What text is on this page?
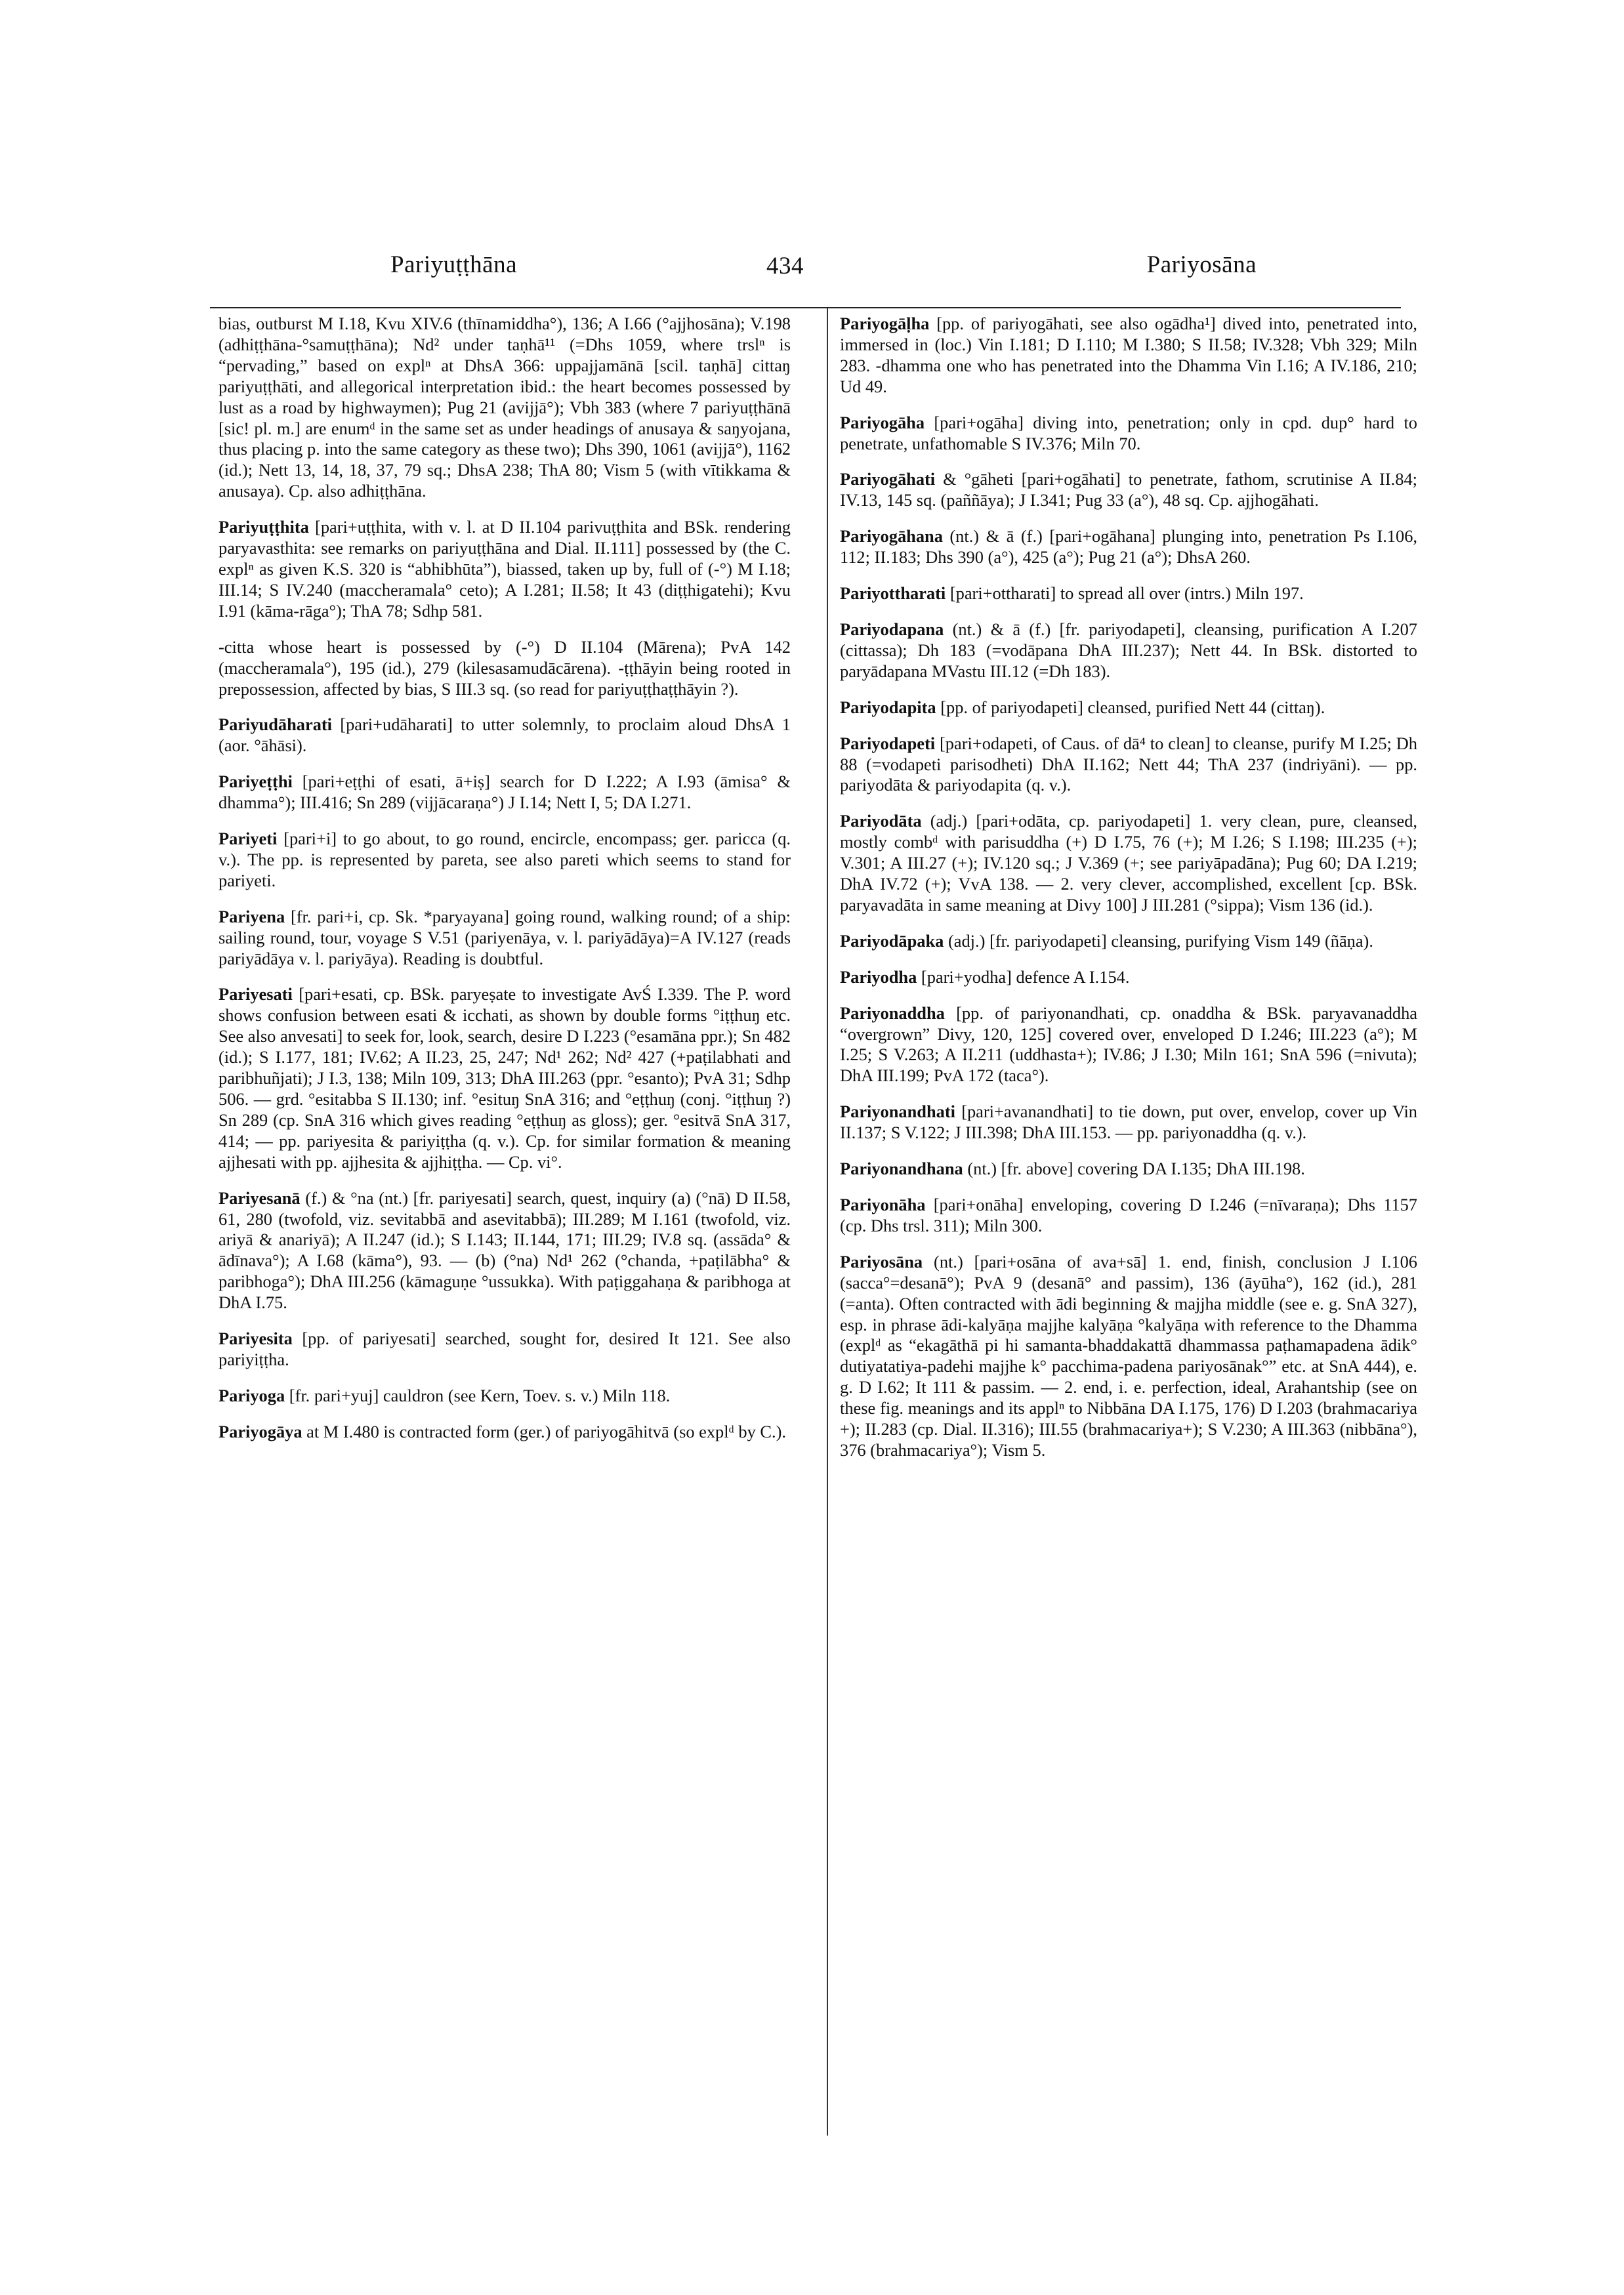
Pariyuṭṭhāna	434	Pariyosāna

bias, outburst M I.18, Kvu XIV.6 (thīnamiddha°), 136; A I.66 (°ajjhosāna); V.198 (adhiṭṭhāna-°samuṭṭhāna); Nd² under taṇhā¹¹ (=Dhs 1059, where trslⁿ is “pervading,” based on explⁿ at DhsA 366: uppajjamānā [scil. taṇhā] cittaŋ pariyuṭṭhāti, and allegorical interpretation ibid.: the heart becomes possessed by lust as a road by highwaymen); Pug 21 (avijjā°); Vbh 383 (where 7 pariyuṭṭhānā [sic! pl. m.] are enumᵈ in the same set as under headings of anusaya & saŋyojana, thus placing p. into the same category as these two); Dhs 390, 1061 (avijjā°), 1162 (id.); Nett 13, 14, 18, 37, 79 sq.; DhsA 238; ThA 80; Vism 5 (with vītikkama & anusaya). Cp. also adhiṭṭhāna.

Pariyuṭṭhita [pari+uṭṭhita, with v. l. at D II.104 parivuṭṭhita and BSk. rendering paryavasthita: see remarks on pariyuṭṭhāna and Dial. II.111] possessed by (the C. explⁿ as given K.S. 320 is “abhibhūta”), biassed, taken up by, full of (-°) M I.18; III.14; S IV.240 (maccheramala° ceto); A I.281; II.58; It 43 (diṭṭhigatehi); Kvu I.91 (kāma-rāga°); ThA 78; Sdhp 581.

-citta whose heart is possessed by (-°) D II.104 (Mārena); PvA 142 (maccheramala°), 195 (id.), 279 (kilesasamudācārena). -ṭṭhāyin being rooted in prepossession, affected by bias, S III.3 sq. (so read for pariyuṭṭhaṭṭhāyin ?).

Pariyudāharati [pari+udāharati] to utter solemnly, to proclaim aloud DhsA 1 (aor. °āhāsi).

Pariyeṭṭhi [pari+eṭṭhi of esati, ā+iṣ] search for D I.222; A I.93 (āmisa° & dhamma°); III.416; Sn 289 (vijjācaraṇa°) J I.14; Nett I, 5; DA I.271.

Pariyeti [pari+i] to go about, to go round, encircle, encompass; ger. paricca (q. v.). The pp. is represented by pareta, see also pareti which seems to stand for pariyeti.

Pariyena [fr. pari+i, cp. Sk. *paryayana] going round, walking round; of a ship: sailing round, tour, voyage S V.51 (pariyenāya, v. l. pariyādāya)=A IV.127 (reads pariyādāya v. l. pariyāya). Reading is doubtful.

Pariyesati [pari+esati, cp. BSk. paryeṣate to investigate AvŚ I.339. The P. word shows confusion between esati & icchati, as shown by double forms °iṭṭhuŋ etc. See also anvesati] to seek for, look, search, desire D I.223 (°esamāna ppr.); Sn 482 (id.); S I.177, 181; IV.62; A II.23, 25, 247; Nd¹ 262; Nd² 427 (+paṭilabhati and paribhuñjati); J I.3, 138; Miln 109, 313; DhA III.263 (ppr. °esanto); PvA 31; Sdhp 506. — grd. °esitabba S II.130; inf. °esituŋ SnA 316; and °eṭṭhuŋ (conj. °iṭṭhuŋ ?) Sn 289 (cp. SnA 316 which gives reading °eṭṭhuŋ as gloss); ger. °esitvā SnA 317, 414; — pp. pariyesita & pariyiṭṭha (q. v.). Cp. for similar formation & meaning ajjhesati with pp. ajjhesita & ajjhiṭṭha. — Cp. vi°.

Pariyesanā (f.) & °na (nt.) [fr. pariyesati] search, quest, inquiry (a) (°nā) D II.58, 61, 280 (twofold, viz. sevitabbā and asevitabbā); III.289; M I.161 (twofold, viz. ariyā & anariyā); A II.247 (id.); S I.143; II.144, 171; III.29; IV.8 sq. (assāda° & ādīnava°); A I.68 (kāma°), 93. — (b) (°na) Nd¹ 262 (°chanda, +paṭilābha° & paribhoga°); DhA III.256 (kāmaguṇe °ussukka). With paṭiggahaṇa & paribhoga at DhA I.75.

Pariyesita [pp. of pariyesati] searched, sought for, desired It 121. See also pariyiṭṭha.

Pariyoga [fr. pari+yuj] cauldron (see Kern, Toev. s. v.) Miln 118.

Pariyogāya at M I.480 is contracted form (ger.) of pariyogāhitvā (so explᵈ by C.).

Pariyogāḷha [pp. of pariyogāhati, see also ogādha¹] dived into, penetrated into, immersed in (loc.) Vin I.181; D I.110; M I.380; S II.58; IV.328; Vbh 329; Miln 283. -dhamma one who has penetrated into the Dhamma Vin I.16; A IV.186, 210; Ud 49.

Pariyogāha [pari+ogāha] diving into, penetration; only in cpd. dup° hard to penetrate, unfathomable S IV.376; Miln 70.

Pariyogāhati & °gāheti [pari+ogāhati] to penetrate, fathom, scrutinise A II.84; IV.13, 145 sq. (paññāya); J I.341; Pug 33 (a°), 48 sq. Cp. ajjhogāhati.

Pariyogāhana (nt.) & ā (f.) [pari+ogāhana] plunging into, penetration Ps I.106, 112; II.183; Dhs 390 (a°), 425 (a°); Pug 21 (a°); DhsA 260.

Pariyottharati [pari+ottharati] to spread all over (intrs.) Miln 197.

Pariyodapana (nt.) & ā (f.) [fr. pariyodapeti], cleansing, purification A I.207 (cittassa); Dh 183 (=vodāpana DhA III.237); Nett 44. In BSk. distorted to paryādapana MVastu III.12 (=Dh 183).

Pariyodapita [pp. of pariyodapeti] cleansed, purified Nett 44 (cittaŋ).

Pariyodapeti [pari+odapeti, of Caus. of dā⁴ to clean] to cleanse, purify M I.25; Dh 88 (=vodapeti parisodheti) DhA II.162; Nett 44; ThA 237 (indriyāni). — pp. pariyodāta & pariyodapita (q. v.).

Pariyodāta (adj.) [pari+odāta, cp. pariyodapeti] 1. very clean, pure, cleansed, mostly combᵈ with parisuddha (+) D I.75, 76 (+); M I.26; S I.198; III.235 (+); V.301; A III.27 (+); IV.120 sq.; J V.369 (+; see pariyāpadāna); Pug 60; DA I.219; DhA IV.72 (+); VvA 138. — 2. very clever, accomplished, excellent [cp. BSk. paryavadāta in same meaning at Divy 100] J III.281 (°sippa); Vism 136 (id.).

Pariyodāpaka (adj.) [fr. pariyodapeti] cleansing, purifying Vism 149 (ñāṇa).

Pariyodha [pari+yodha] defence A I.154.

Pariyonaddha [pp. of pariyonandhati, cp. onaddha & BSk. paryavanaddha “overgrown” Divy, 120, 125] covered over, enveloped D I.246; III.223 (a°); M I.25; S V.263; A II.211 (uddhasta+); IV.86; J I.30; Miln 161; SnA 596 (=nivuta); DhA III.199; PvA 172 (taca°).

Pariyonandhati [pari+avanandhati] to tie down, put over, envelop, cover up Vin II.137; S V.122; J III.398; DhA III.153. — pp. pariyonaddha (q. v.).

Pariyonandhana (nt.) [fr. above] covering DA I.135; DhA III.198.

Pariyonāha [pari+onāha] enveloping, covering D I.246 (=nīvaraṇa); Dhs 1157 (cp. Dhs trsl. 311); Miln 300.

Pariyosāna (nt.) [pari+osāna of ava+sā] 1. end, finish, conclusion J I.106 (sacca°=desanā°); PvA 9 (desanā° and passim), 136 (āyūha°), 162 (id.), 281 (=anta). Often contracted with ādi beginning & majjha middle (see e. g. SnA 327), esp. in phrase ādi-kalyāṇa majjhe kalyāṇa °kalyāṇa with reference to the Dhamma (explᵈ as “ekagāthā pi hi samanta-bhaddakattā dhammassa paṭhamapadena ādik° dutiyatatiya-padehi majjhe k° pacchima-padena pariyosānak°” etc. at SnA 444), e. g. D I.62; It 111 & passim. — 2. end, i. e. perfection, ideal, Arahantship (see on these fig. meanings and its applⁿ to Nibbāna DA I.175, 176) D I.203 (brahmacariya +); II.283 (cp. Dial. II.316); III.55 (brahmacariya+); S V.230; A III.363 (nibbāna°), 376 (brahmacariya°); Vism 5.
